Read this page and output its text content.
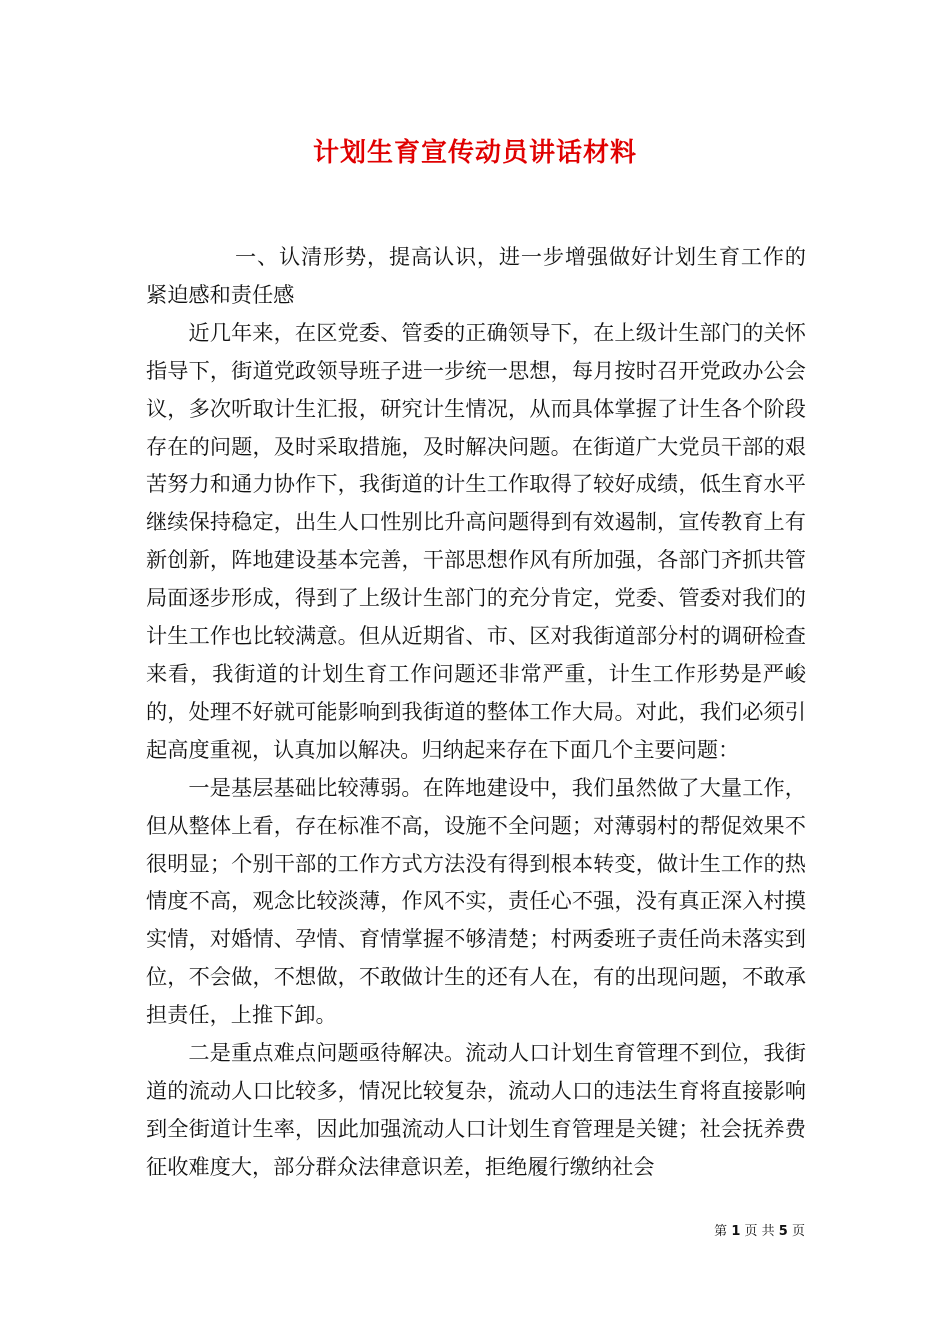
计划生育宣传动员讲话材料

一、认清形势，提高认识，进一步增强做好计划生育工作的紧迫感和责任感

近几年来，在区党委、管委的正确领导下，在上级计生部门的关怀指导下，街道党政领导班子进一步统一思想，每月按时召开党政办公会议，多次听取计生汇报，研究计生情况，从而具体掌握了计生各个阶段存在的问题，及时采取措施，及时解决问题。在街道广大党员干部的艰苦努力和通力协作下，我街道的计生工作取得了较好成绩，低生育水平继续保持稳定，出生人口性别比升高问题得到有效遏制，宣传教育上有新创新，阵地建设基本完善，干部思想作风有所加强，各部门齐抓共管局面逐步形成，得到了上级计生部门的充分肯定，党委、管委对我们的计生工作也比较满意。但从近期省、市、区对我街道部分村的调研检查来看，我街道的计划生育工作问题还非常严重，计生工作形势是严峻的，处理不好就可能影响到我街道的整体工作大局。对此，我们必须引起高度重视，认真加以解决。归纳起来存在下面几个主要问题：

一是基层基础比较薄弱。在阵地建设中，我们虽然做了大量工作，但从整体上看，存在标准不高，设施不全问题；对薄弱村的帮促效果不很明显；个别干部的工作方式方法没有得到根本转变，做计生工作的热情度不高，观念比较淡薄，作风不实，责任心不强，没有真正深入村摸实情，对婚情、孕情、育情掌握不够清楚；村两委班子责任尚未落实到位，不会做，不想做，不敢做计生的还有人在，有的出现问题，不敢承担责任，上推下卸。

二是重点难点问题亟待解决。流动人口计划生育管理不到位，我街道的流动人口比较多，情况比较复杂，流动人口的违法生育将直接影响到全街道计生率，因此加强流动人口计划生育管理是关键；社会抚养费征收难度大，部分群众法律意识差，拒绝履行缴纳社会

第 1 页 共 5 页
